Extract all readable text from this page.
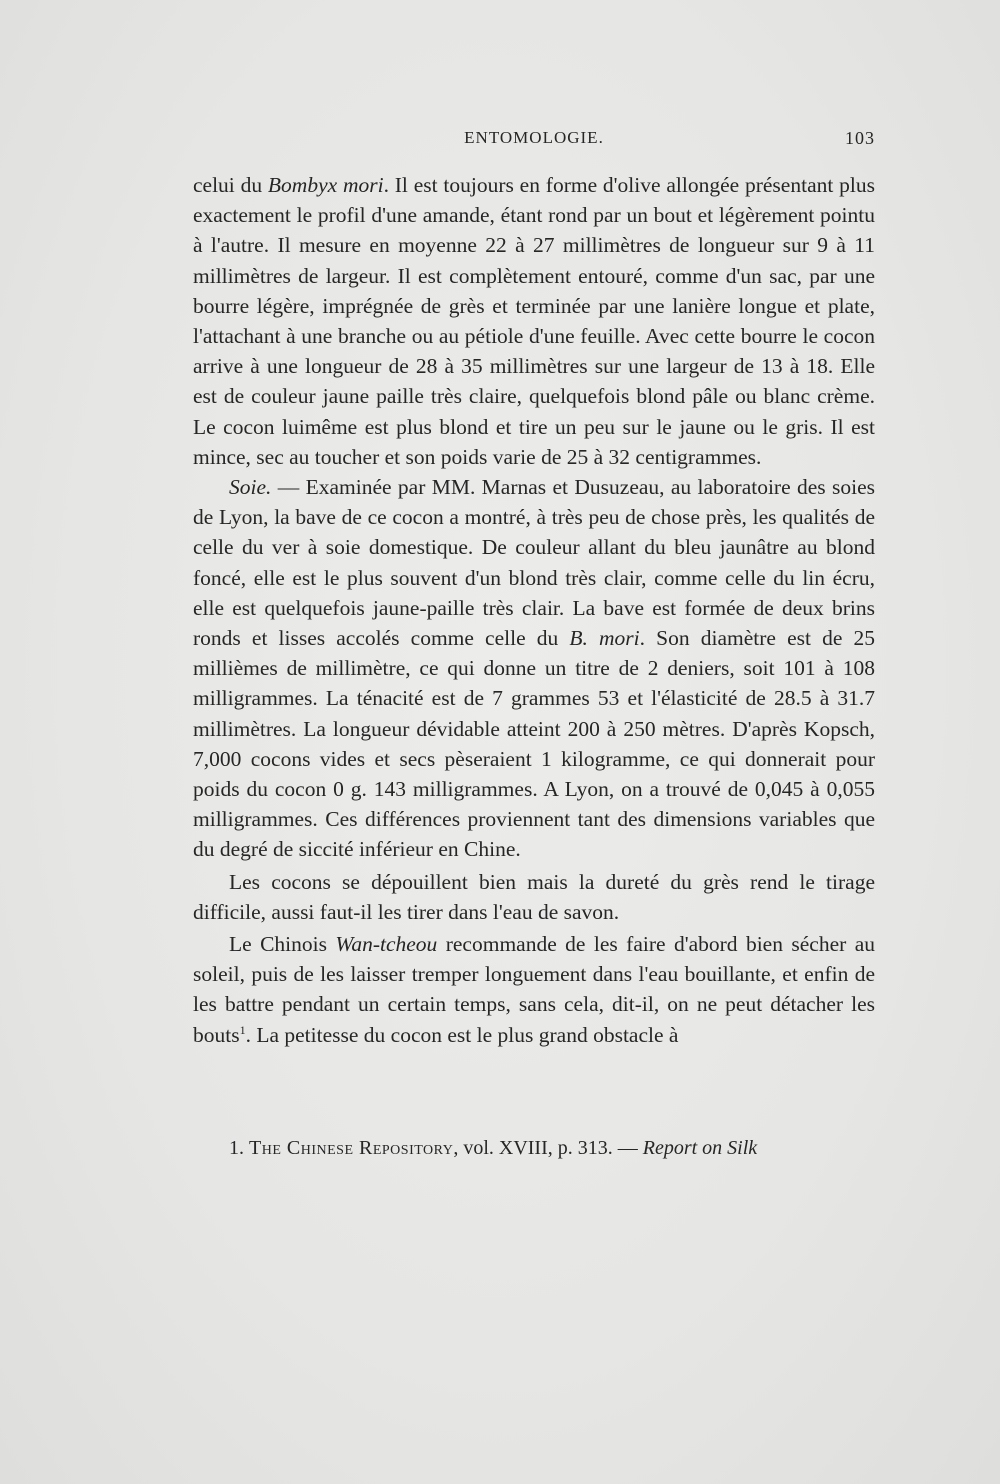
ENTOMOLOGIE.	103

celui du Bombyx mori. Il est toujours en forme d'olive allongée présentant plus exactement le profil d'une amande, étant rond par un bout et légèrement pointu à l'autre. Il mesure en moyenne 22 à 27 millimètres de longueur sur 9 à 11 millimètres de largeur. Il est complètement entouré, comme d'un sac, par une bourre légère, imprégnée de grès et terminée par une lanière longue et plate, l'attachant à une branche ou au pétiole d'une feuille. Avec cette bourre le cocon arrive à une longueur de 28 à 35 millimètres sur une largeur de 13 à 18. Elle est de couleur jaune paille très claire, quelquefois blond pâle ou blanc crème. Le cocon luimême est plus blond et tire un peu sur le jaune ou le gris. Il est mince, sec au toucher et son poids varie de 25 à 32 centigrammes.

Soie. — Examinée par MM. Marnas et Dusuzeau, au laboratoire des soies de Lyon, la bave de ce cocon a montré, à très peu de chose près, les qualités de celle du ver à soie domestique. De couleur allant du bleu jaunâtre au blond foncé, elle est le plus souvent d'un blond très clair, comme celle du lin écru, elle est quelquefois jaune-paille très clair. La bave est formée de deux brins ronds et lisses accolés comme celle du B. mori. Son diamètre est de 25 millièmes de millimètre, ce qui donne un titre de 2 deniers, soit 101 à 108 milligrammes. La ténacité est de 7 grammes 53 et l'élasticité de 28.5 à 31.7 millimètres. La longueur dévidable atteint 200 à 250 mètres. D'après Kopsch, 7,000 cocons vides et secs pèseraient 1 kilogramme, ce qui donnerait pour poids du cocon 0 g. 143 milligrammes. A Lyon, on a trouvé de 0,045 à 0,055 milligrammes. Ces différences proviennent tant des dimensions variables que du degré de siccité inférieur en Chine.

Les cocons se dépouillent bien mais la dureté du grès rend le tirage difficile, aussi faut-il les tirer dans l'eau de savon.

Le Chinois Wan-tcheou recommande de les faire d'abord bien sécher au soleil, puis de les laisser tremper longuement dans l'eau bouillante, et enfin de les battre pendant un certain temps, sans cela, dit-il, on ne peut détacher les bouts$^1$. La petitesse du cocon est le plus grand obstacle à

1. The Chinese Repository, vol. XVIII, p. 313. — Report on Silk
